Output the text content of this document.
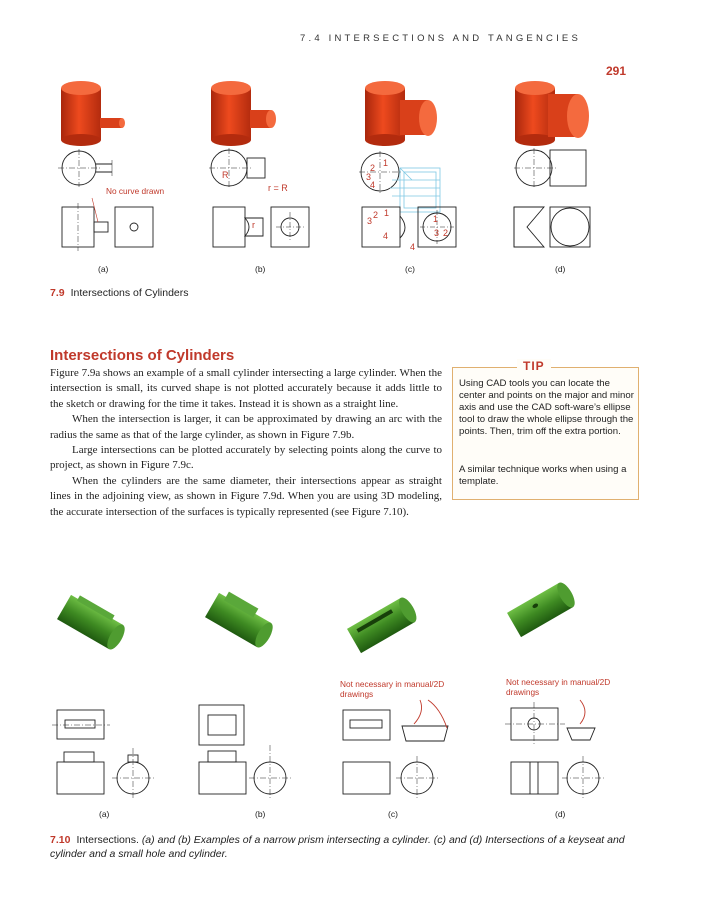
7.4 INTERSECTIONS AND TANGENCIES
291
R
r = R
r
2 1
3
4
2 1
3
4
1
3 2
4
No curve drawn
(a)	(b)	(c)	(d)
7.9 Intersections of Cylinders
Intersections of Cylinders

Figure 7.9a shows an example of a small cylinder intersecting a large cylinder. When the intersection is small, its curved shape is not plotted accurately because it adds little to the sketch or drawing for the time it takes. Instead it is shown as a straight line.

When the intersection is larger, it can be approximated by drawing an arc with the radius the same as that of the large cylinder, as shown in Figure 7.9b.

Large intersections can be plotted accurately by selecting points along the curve to project, as shown in Figure 7.9c.

When the cylinders are the same diameter, their intersections appear as straight lines in the adjoining view, as shown in Figure 7.9d. When you are using 3D modeling, the accurate intersection of the surfaces is typically represented (see Figure 7.10).

TIP
Using CAD tools you can locate the center and points on the major and minor axis and use the CAD soft-ware’s ellipse tool to draw the whole ellipse through the points. Then, trim off the extra portion.
A similar technique works when using a template.
Not necessary in manual/2D drawings
Not necessary in manual/2D drawings
(a)	(b)	(c)	(d)
7.10 Intersections. (a) and (b) Examples of a narrow prism intersecting a cylinder. (c) and (d) Intersections of a keyseat and cylinder and a small hole and cylinder.
